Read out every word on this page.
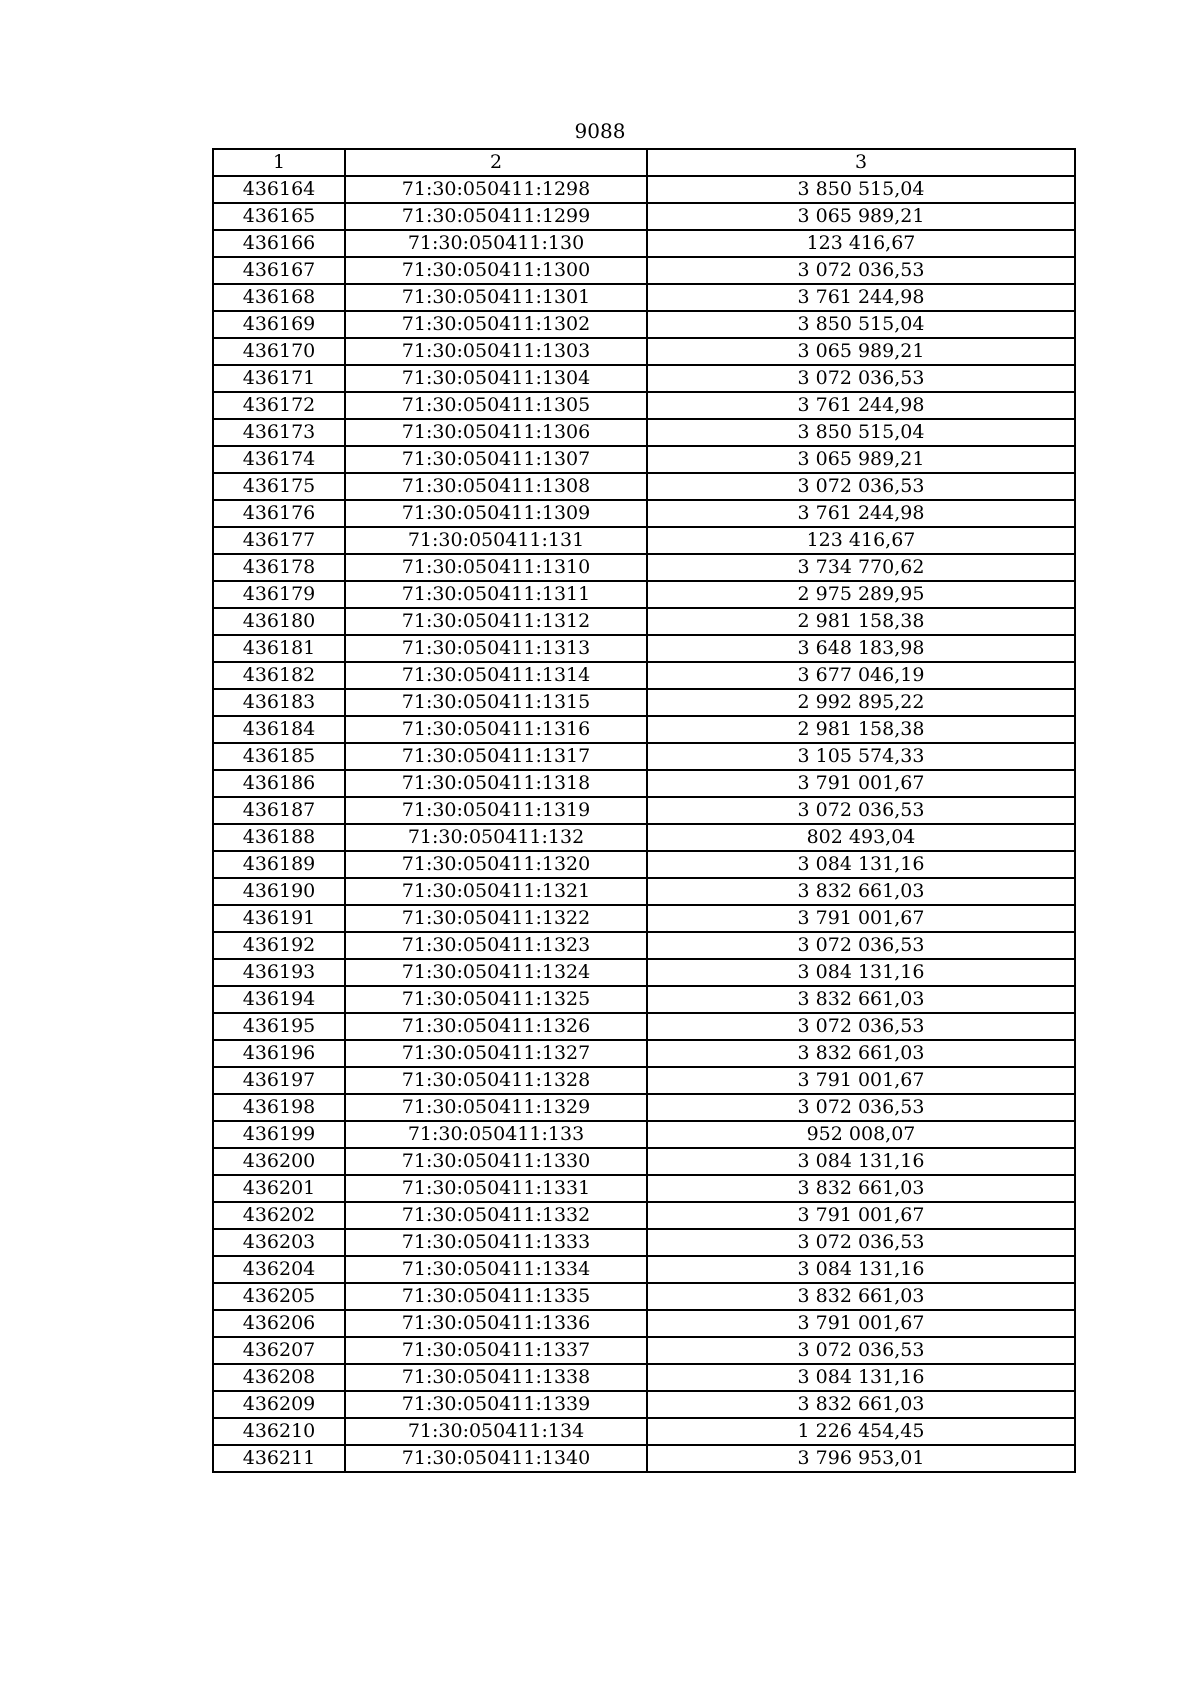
9088
1	2	3
436164	71:30:050411:1298	3 850 515,04
436165	71:30:050411:1299	3 065 989,21
436166	71:30:050411:130	123 416,67
436167	71:30:050411:1300	3 072 036,53
436168	71:30:050411:1301	3 761 244,98
436169	71:30:050411:1302	3 850 515,04
436170	71:30:050411:1303	3 065 989,21
436171	71:30:050411:1304	3 072 036,53
436172	71:30:050411:1305	3 761 244,98
436173	71:30:050411:1306	3 850 515,04
436174	71:30:050411:1307	3 065 989,21
436175	71:30:050411:1308	3 072 036,53
436176	71:30:050411:1309	3 761 244,98
436177	71:30:050411:131	123 416,67
436178	71:30:050411:1310	3 734 770,62
436179	71:30:050411:1311	2 975 289,95
436180	71:30:050411:1312	2 981 158,38
436181	71:30:050411:1313	3 648 183,98
436182	71:30:050411:1314	3 677 046,19
436183	71:30:050411:1315	2 992 895,22
436184	71:30:050411:1316	2 981 158,38
436185	71:30:050411:1317	3 105 574,33
436186	71:30:050411:1318	3 791 001,67
436187	71:30:050411:1319	3 072 036,53
436188	71:30:050411:132	802 493,04
436189	71:30:050411:1320	3 084 131,16
436190	71:30:050411:1321	3 832 661,03
436191	71:30:050411:1322	3 791 001,67
436192	71:30:050411:1323	3 072 036,53
436193	71:30:050411:1324	3 084 131,16
436194	71:30:050411:1325	3 832 661,03
436195	71:30:050411:1326	3 072 036,53
436196	71:30:050411:1327	3 832 661,03
436197	71:30:050411:1328	3 791 001,67
436198	71:30:050411:1329	3 072 036,53
436199	71:30:050411:133	952 008,07
436200	71:30:050411:1330	3 084 131,16
436201	71:30:050411:1331	3 832 661,03
436202	71:30:050411:1332	3 791 001,67
436203	71:30:050411:1333	3 072 036,53
436204	71:30:050411:1334	3 084 131,16
436205	71:30:050411:1335	3 832 661,03
436206	71:30:050411:1336	3 791 001,67
436207	71:30:050411:1337	3 072 036,53
436208	71:30:050411:1338	3 084 131,16
436209	71:30:050411:1339	3 832 661,03
436210	71:30:050411:134	1 226 454,45
436211	71:30:050411:1340	3 796 953,01
